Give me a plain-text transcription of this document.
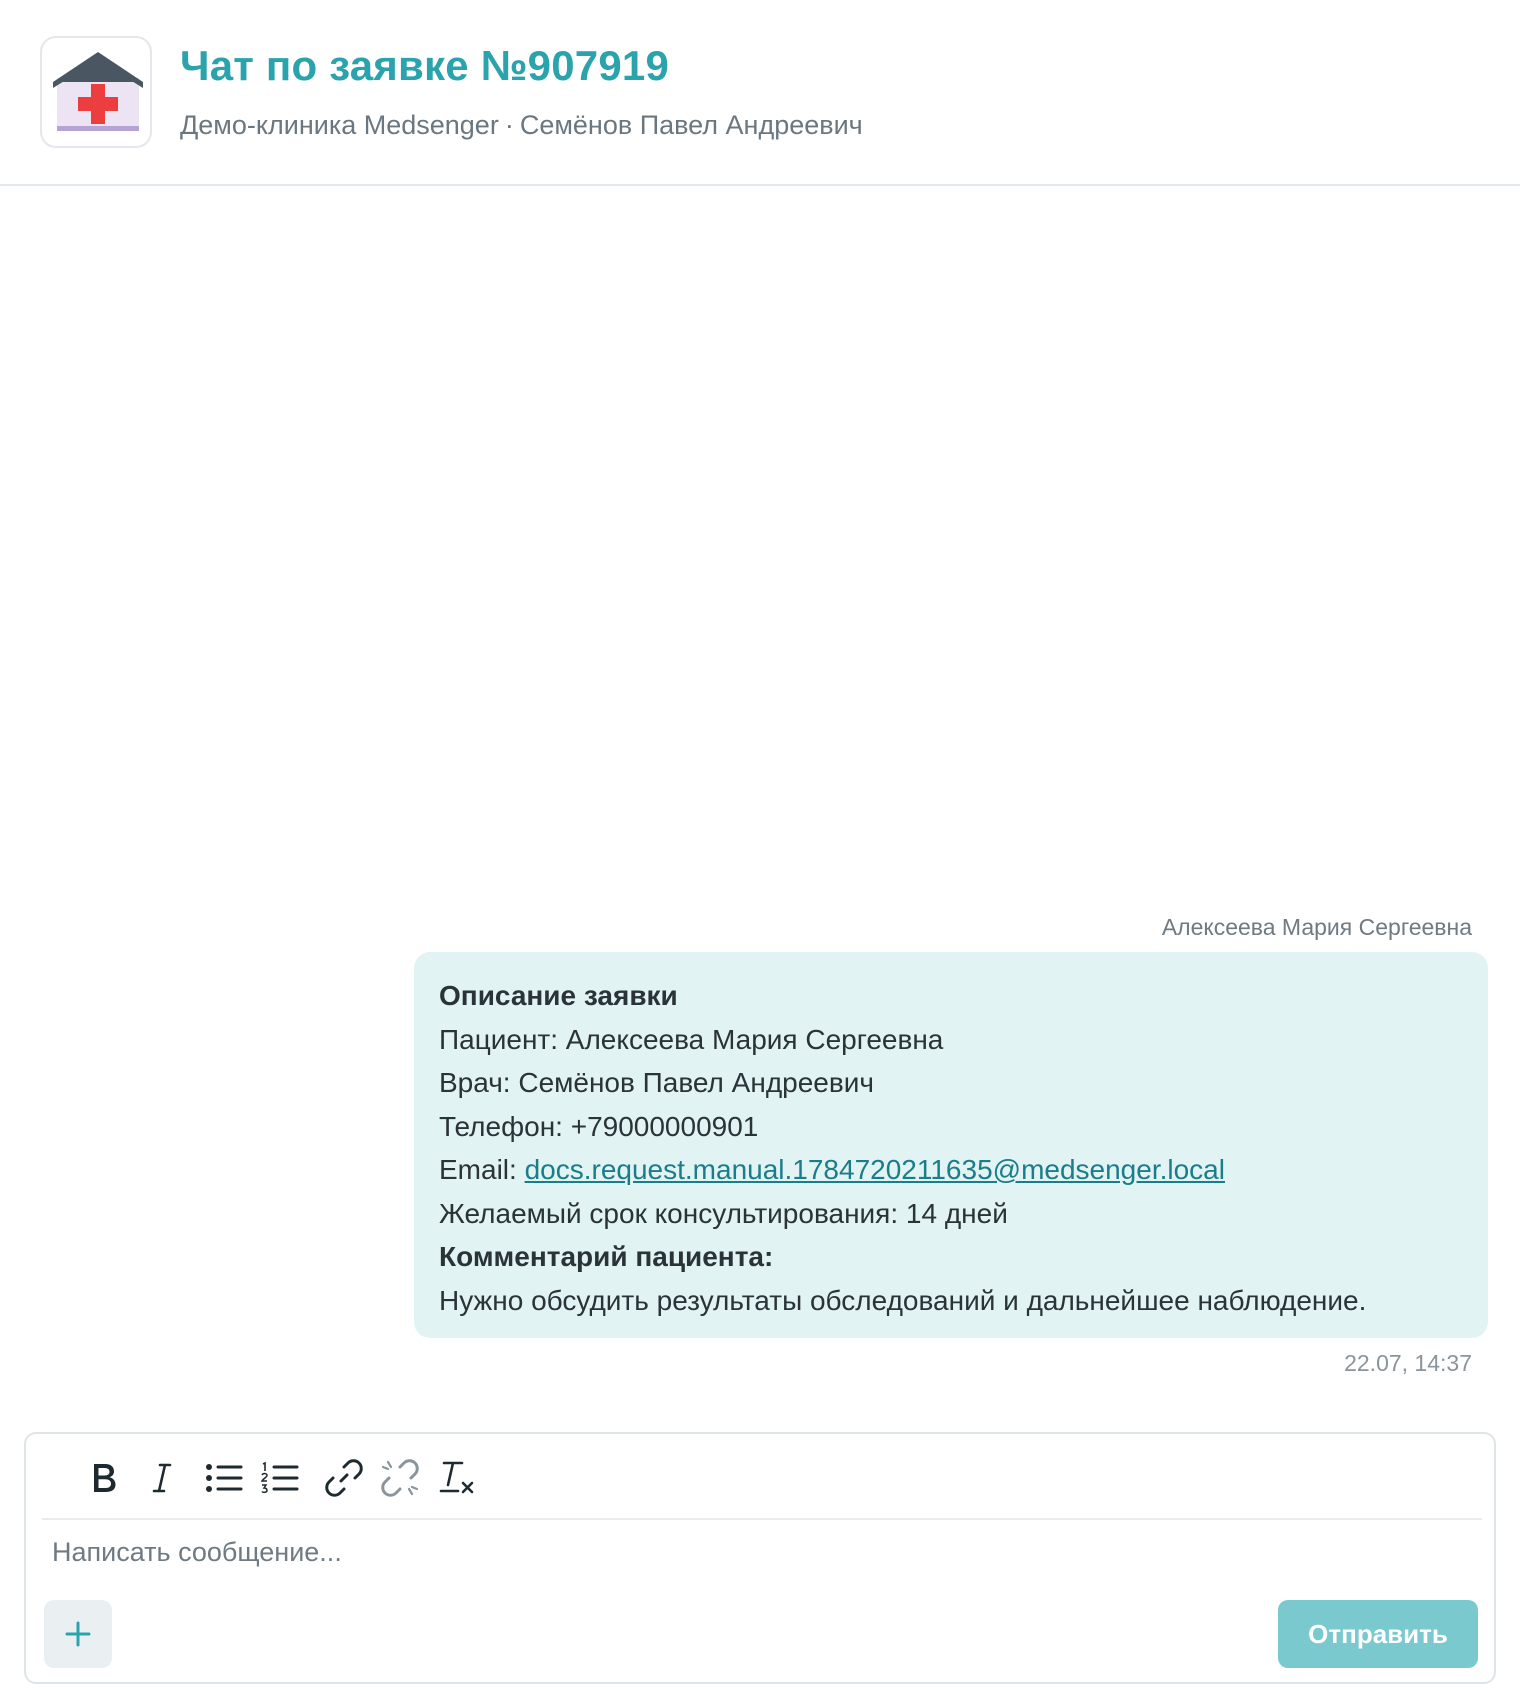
Чат по заявке №907919
Демо-клиника Medsenger · Семёнов Павел Андреевич
Алексеева Мария Сергеевна
Описание заявки
Пациент: Алексеева Мария Сергеевна
Врач: Семёнов Павел Андреевич
Телефон: +79000000901
Email: docs.request.manual.1784720211635@medsenger.local
Желаемый срок консультирования: 14 дней
Комментарий пациента:
Нужно обсудить результаты обследований и дальнейшее наблюдение.
22.07, 14:37
Написать сообщение...
Отправить
